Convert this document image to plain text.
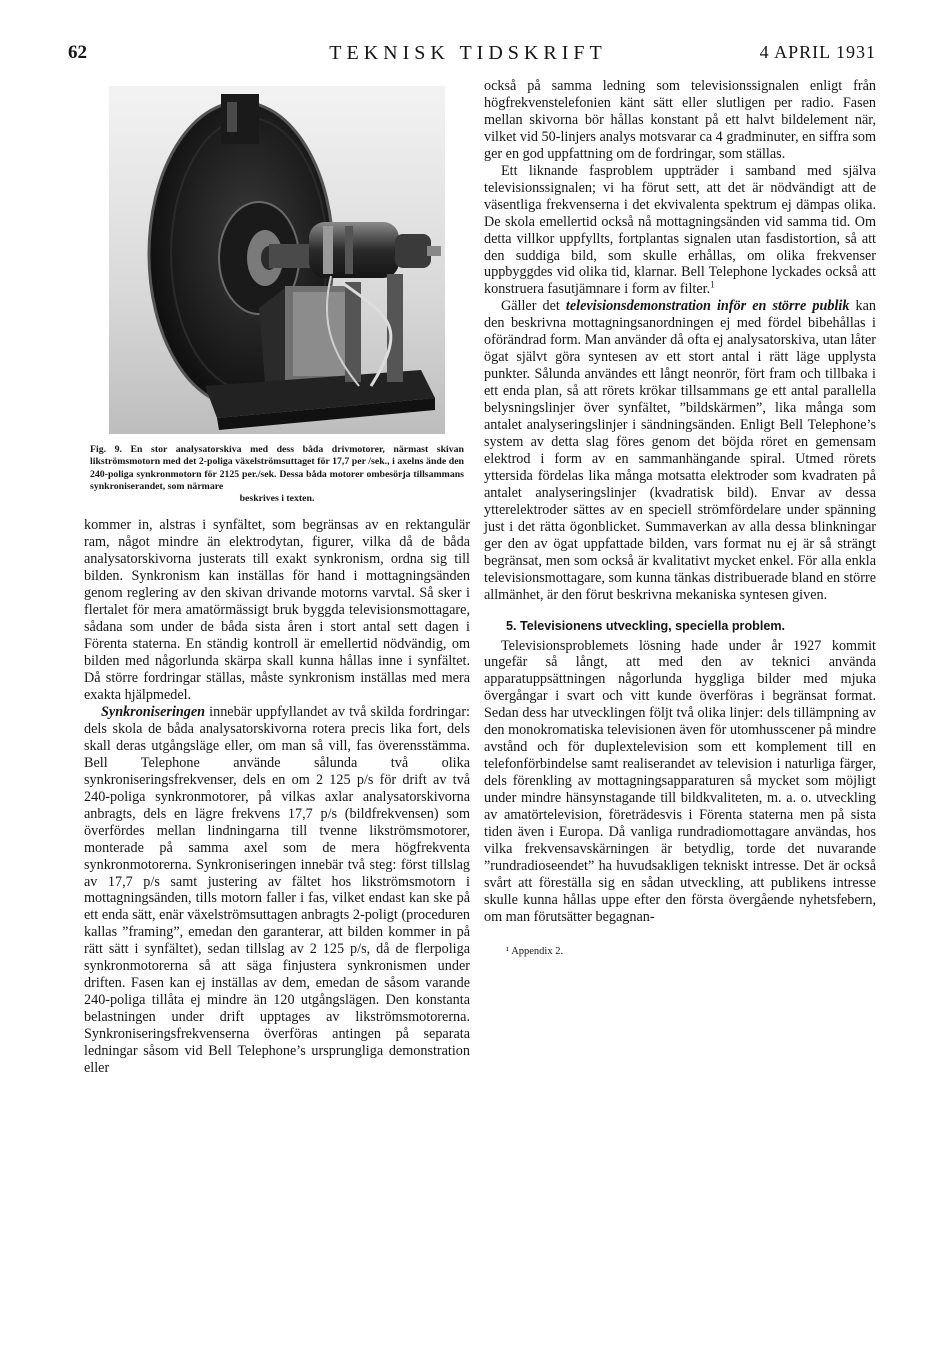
62	TEKNISK TIDSKRIFT	4 APRIL 1931
Fig. 9. En stor analysatorskiva med dess båda drivmotorer, närmast skivan likströmsmotorn med det 2-poliga växelströmsuttaget för 17,7 per /sek., i axelns ände den 240-poliga synkronmotorn för 2125 per./sek. Dessa båda motorer ombesörja tillsammans synkroniserandet, som närmare
beskrives i texten.

kommer in, alstras i synfältet, som begränsas av en rektangulär ram, något mindre än elektrodytan, figurer, vilka då de båda analysatorskivorna justerats till exakt synkronism, ordna sig till bilden. Synkronism kan inställas för hand i mottagningsänden genom reglering av den skivan drivande motorns varvtal. Så sker i flertalet för mera amatörmässigt bruk byggda televisionsmottagare, sådana som under de båda sista åren i stort antal sett dagen i Förenta staterna. En ständig kontroll är emellertid nödvändig, om bilden med någorlunda skärpa skall kunna hållas inne i synfältet. Då större fordringar ställas, måste synkronism inställas med mera exakta hjälpmedel.

Synkroniseringen innebär uppfyllandet av två skilda fordringar: dels skola de båda analysatorskivorna rotera precis lika fort, dels skall deras utgångsläge eller, om man så vill, fas överensstämma. Bell Telephone använde sålunda två olika synkroniseringsfrekvenser, dels en om 2 125 p/s för drift av två 240-poliga synkronmotorer, på vilkas axlar analysatorskivorna anbragts, dels en lägre frekvens 17,7 p/s (bildfrekvensen) som överfördes mellan lindningarna till tvenne likströmsmotorer, monterade på samma axel som de mera högfrekventa synkronmotorerna. Synkroniseringen innebär två steg: först tillslag av 17,7 p/s samt justering av fältet hos likströmsmotorn i mottagningsänden, tills motorn faller i fas, vilket endast kan ske på ett enda sätt, enär växelströmsuttagen anbragts 2-poligt (proceduren kallas ”framing”, emedan den garanterar, att bilden kommer in på rätt sätt i synfältet), sedan tillslag av 2 125 p/s, då de flerpoliga synkronmotorerna så att säga finjustera synkronismen under driften. Fasen kan ej inställas av dem, emedan de såsom varande 240-poliga tillåta ej mindre än 120 utgångslägen. Den konstanta belastningen under drift upptages av likströmsmotorerna. Synkroniseringsfrekvenserna överföras antingen på separata ledningar såsom vid Bell Telephone’s ursprungliga demonstration eller

också på samma ledning som televisionssignalen enligt från högfrekvenstelefonien känt sätt eller slutligen per radio. Fasen mellan skivorna bör hållas konstant på ett halvt bildelement när, vilket vid 50-linjers analys motsvarar ca 4 gradminuter, en siffra som ger en god uppfattning om de fordringar, som ställas.

Ett liknande fasproblem uppträder i samband med själva televisionssignalen; vi ha förut sett, att det är nödvändigt att de väsentliga frekvenserna i det ekvivalenta spektrum ej dämpas olika. De skola emellertid också nå mottagningsänden vid samma tid. Om detta villkor uppfyllts, fortplantas signalen utan fasdistortion, så att den suddiga bild, som skulle erhållas, om olika frekvenser uppbyggdes vid olika tid, klarnar. Bell Telephone lyckades också att konstruera fasutjämnare i form av filter.$^1$

Gäller det televisionsdemonstration inför en större publik kan den beskrivna mottagningsanordningen ej med fördel bibehållas i oförändrad form. Man använder då ofta ej analysatorskiva, utan låter ögat självt göra syntesen av ett stort antal i rätt läge upplysta punkter. Sålunda användes ett långt neonrör, fört fram och tillbaka i ett enda plan, så att rörets krökar tillsammans ge ett antal parallella belysningslinjer över synfältet, ”bildskärmen”, lika många som antalet analyseringslinjer i sändningsänden. Enligt Bell Telephone’s system av detta slag föres genom det böjda röret en gemensam elektrod i form av en sammanhängande spiral. Utmed rörets yttersida fördelas lika många motsatta elektroder som kvadraten på antalet analyseringslinjer (kvadratisk bild). Envar av dessa ytterelektroder sättes av en speciell strömfördelare under spänning just i det rätta ögonblicket. Summaverkan av alla dessa blinkningar ger den av ögat uppfattade bilden, vars format nu ej är så strängt begränsat, men som också är kvalitativt mycket enkel. För alla enkla televisionsmottagare, som kunna tänkas distribuerade bland en större allmänhet, är den förut beskrivna mekaniska syntesen given.

5. Televisionens utveckling, speciella problem.

Televisionsproblemets lösning hade under år 1927 kommit ungefär så långt, att med den av teknici använda apparatuppsättningen någorlunda hyggliga bilder med mjuka övergångar i svart och vitt kunde överföras i begränsat format. Sedan dess har utvecklingen följt två olika linjer: dels tillämpning av den monokromatiska televisionen även för utomhusscener på mindre avstånd och för duplextelevision som ett komplement till en telefonförbindelse samt realiserandet av television i naturliga färger, dels förenkling av mottagningsapparaturen så mycket som möjligt under mindre hänsynstagande till bildkvaliteten, m. a. o. utveckling av amatörtelevision, företrädesvis i Förenta staterna men på sista tiden även i Europa. Då vanliga rundradiomottagare användas, hos vilka frekvensavskärningen är betydlig, torde det nuvarande ”rundradioseendet” ha huvudsakligen tekniskt intresse. Det är också svårt att föreställa sig en sådan utveckling, att publikens intresse skulle kunna hållas uppe efter den första övergående nyhetsfebern, om man förutsätter begagnan-

¹ Appendix 2.
